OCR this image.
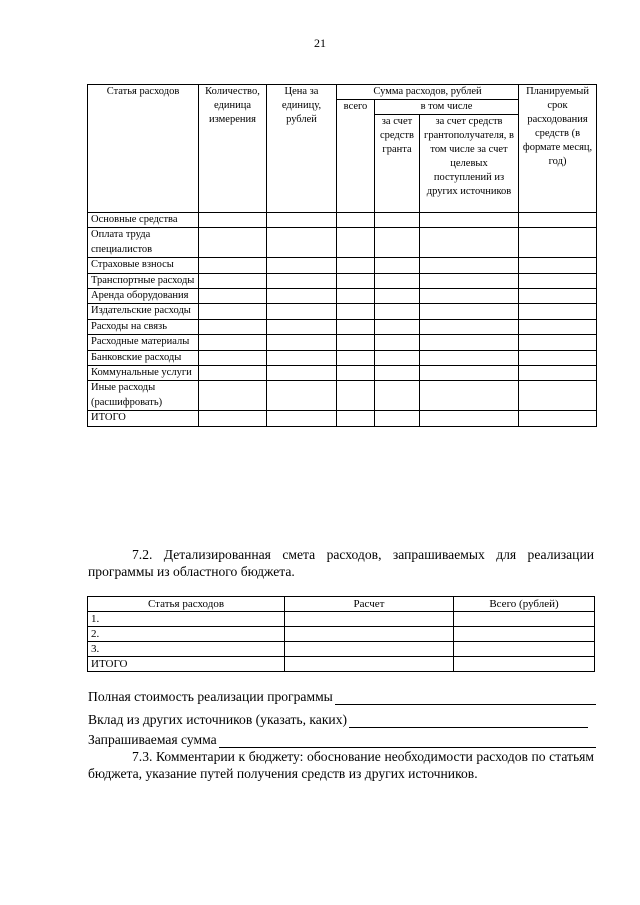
21
Статья расходов	Количество, единица измерения	Цена за единицу, рублей	Сумма расходов, рублей			Планируемый срок расходования средств (в формате месяц, год)
			всего	в том числе		
				за счет средств гранта	за счет средств грантополучателя, в том числе за счет целевых поступлений из других источников	
Основные средства						
Оплата труда специалистов						
Страховые взносы						
Транспортные расходы						
Аренда оборудования						
Издательские расходы						
Расходы на связь						
Расходные материалы						
Банковские расходы						
Коммунальные услуги						
Иные расходы (расшифровать)						
ИТОГО						
7.2. Детализированная смета расходов, запрашиваемых для реализации программы из областного бюджета.
Статья расходов	Расчет	Всего (рублей)
1.		
2.		
3.		
ИТОГО		
Полная стоимость реализации программы
Вклад из других источников (указать, каких)
Запрашиваемая сумма
7.3. Комментарии к бюджету: обоснование необходимости расходов по статьям бюджета, указание путей получения средств из других источников.
